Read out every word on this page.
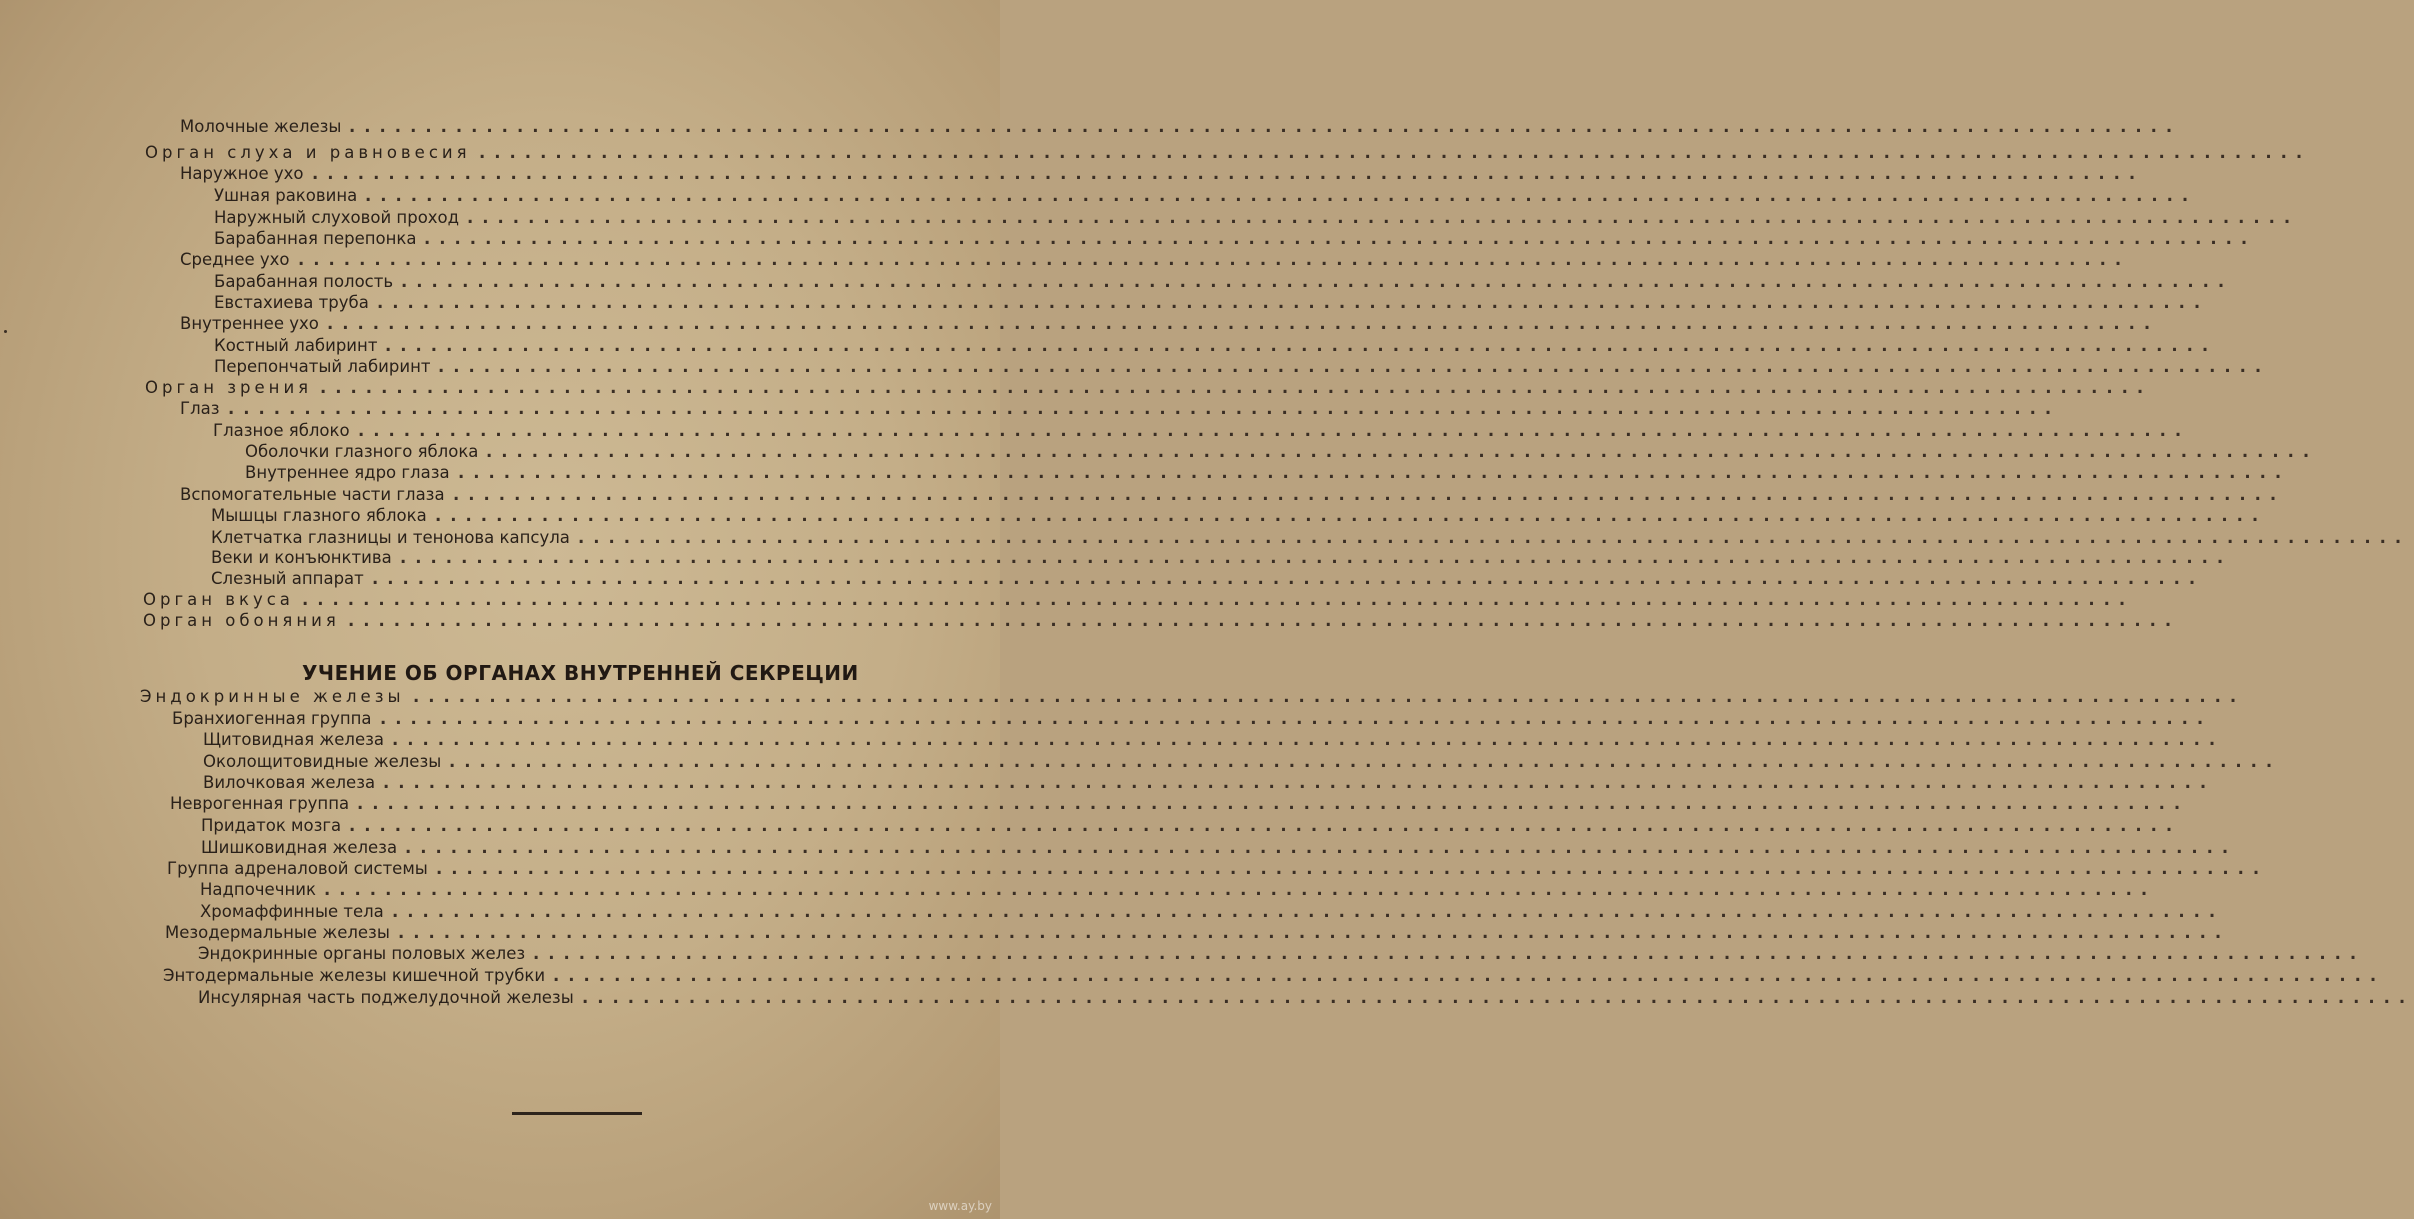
Молочные железы ........................................................................................................................
Орган слуха и равновесия ........................................................................................................................
Наружное ухо ........................................................................................................................
Ушная раковина ........................................................................................................................
Наружный слуховой проход ........................................................................................................................
Барабанная перепонка ........................................................................................................................
Среднее ухо ........................................................................................................................
Барабанная полость ........................................................................................................................
Евстахиева труба ........................................................................................................................
Внутреннее ухо ........................................................................................................................
Костный лабиринт ........................................................................................................................
Перепончатый лабиринт ........................................................................................................................
Орган зрения ........................................................................................................................
Глаз ........................................................................................................................
Глазное яблоко ........................................................................................................................
Оболочки глазного яблока ........................................................................................................................
Внутреннее ядро глаза ........................................................................................................................
Вспомогательные части глаза ........................................................................................................................
Мышцы глазного яблока ........................................................................................................................
Клетчатка глазницы и тенонова капсула ........................................................................................................................
Веки и конъюнктива ........................................................................................................................
Слезный аппарат ........................................................................................................................
Орган вкуса ........................................................................................................................
Орган обоняния ........................................................................................................................
УЧЕНИЕ ОБ ОРГАНАХ ВНУТРЕННЕЙ СЕКРЕЦИИ
Эндокринные железы ........................................................................................................................
Бранхиогенная группа ........................................................................................................................
Щитовидная железа ........................................................................................................................
Околощитовидные железы ........................................................................................................................
Вилочковая железа ........................................................................................................................
Неврогенная группа ........................................................................................................................
Придаток мозга ........................................................................................................................
Шишковидная железа ........................................................................................................................
Группа адреналовой системы ........................................................................................................................
Надпочечник ........................................................................................................................
Хромаффинные тела ........................................................................................................................
Мезодермальные железы ........................................................................................................................
Эндокринные органы половых желез ........................................................................................................................
Энтодермальные железы кишечной трубки ........................................................................................................................
Инсулярная часть поджелудочной железы ........................................................................................................................
www.ay.by
